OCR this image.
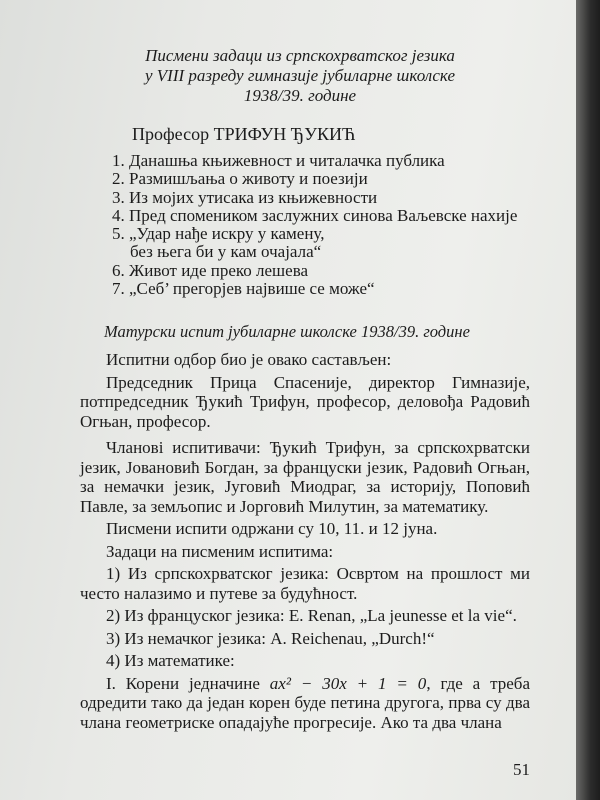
Писмени задаци из српскохрватског језика
у VIII разреду гимназије јубиларне школске
1938/39. године
Професор ТРИФУН ЂУКИЋ
1. Данашња књижевност и читалачка публика
2. Размишљања о животу и поезији
3. Из мојих утисака из књижевности
4. Пред спомеником заслужних синова Ваљевске нахије
5. „Удар нађе искру у камену,
без њега би у кам очајала“
6. Живот иде преко лешева
7. „Себ’ прегорјев највише се може“
Матурски испит јубиларне школске 1938/39. године

Испитни одбор био је овако састављен:

Председник Прица Спасеније, директор Гимназије, потпредседник Ђукић Трифун, професор, деловођа Радовић Огњан, професор.

Члановi испитивачи: Ђукић Трифун, за српскохрватски језик, Јовановић Богдан, за француски језик, Радовић Огњан, за немачки језик, Југовић Миодраг, за историју, Поповић Павле, за земљопис и Јорговић Милутин, за математику.

Писмени испити одржани су 10, 11. и 12 јуна.

Задаци на писменим испитима:

1) Из српскохрватског језика: Освртом на прошлост ми често налазимо и путеве за будућност.

2) Из француског језика: E. Renan, „La jeunesse et la vie“.

3) Из немачког језика: A. Reichenau, „Durch!“

4) Из математике:

I. Корени једначине ax² − 30x + 1 = 0, где a треба одредити тако да један корен буде петина другога, прва су два члана геометриске опадајуће прогресије. Ако та два члана

51
